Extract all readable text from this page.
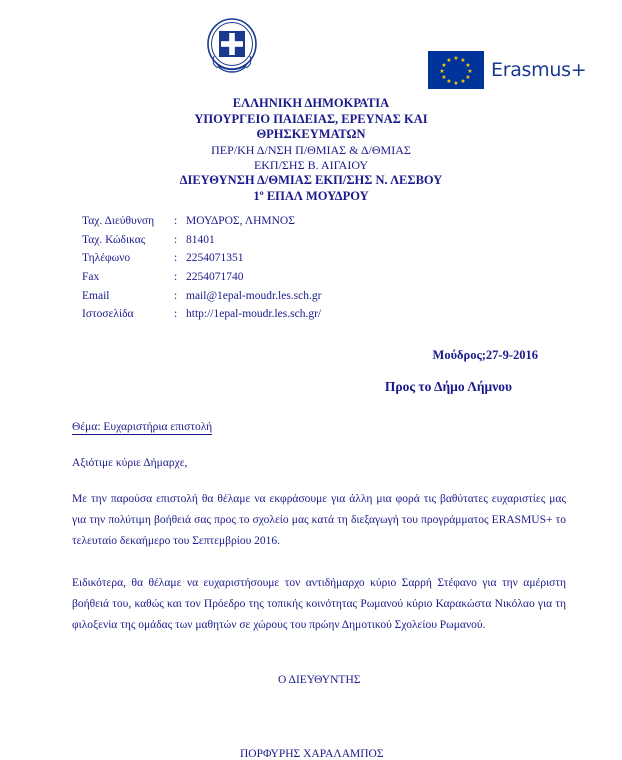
★ ★
★
★
★
★
★
★
★
★
★
★ Erasmus+
ΕΛΛΗΝΙΚΗ ΔΗΜΟΚΡΑΤΙΑ
ΥΠΟΥΡΓΕΙΟ ΠΑΙΔΕΙΑΣ, ΕΡΕΥΝΑΣ ΚΑΙ
ΘΡΗΣΚΕΥΜΑΤΩΝ
ΠΕΡ/ΚΗ Δ/ΝΣΗ Π/ΘΜΙΑΣ & Δ/ΘΜΙΑΣ
ΕΚΠ/ΣΗΣ Β. ΑΙΓΑΙΟΥ
ΔΙΕΥΘΥΝΣΗ Δ/ΘΜΙΑΣ ΕΚΠ/ΣΗΣ Ν. ΛΕΣΒΟΥ
1º ΕΠΑΛ ΜΟΥΔΡΟΥ
Ταχ. Διεύθυνση	:	ΜΟΥΔΡΟΣ, ΛΗΜΝΟΣ
Ταχ. Κώδικας	:	81401
Τηλέφωνο	:	2254071351
Fax	:	2254071740
Email	:	mail@1epal-moudr.les.sch.gr
Ιστοσελίδα	:	http://1epal-moudr.les.sch.gr/
Μούδρος;27-9-2016
Προς το Δήμο Λήμνου
Θέμα: Ευχαριστήρια επιστολή
Αξιότιμε κύριε Δήμαρχε,
Με την παρούσα επιστολή θα θέλαμε να εκφράσουμε για άλλη μια φορά τις βαθύτατες ευχαριστίες μας για την πολύτιμη βοήθειά σας προς το σχολείο μας κατά τη διεξαγωγή του προγράμματος ERASMUS+ το τελευταίο δεκαήμερο του Σεπτεμβρίου 2016.
Ειδικότερα, θα θέλαμε να ευχαριστήσουμε τον αντιδήμαρχο κύριο Σαρρή Στέφανο για την αμέριστη βοήθειά του, καθώς και τον Πρόεδρο της τοπικής κοινότητας Ρωμανού κύριο Καρακώστα Νικόλαο για τη φιλοξενία της ομάδας των μαθητών σε χώρους του πρώην Δημοτικού Σχολείου Ρωμανού.
Ο ΔΙΕΥΘΥΝΤΗΣ
ΠΟΡΦΥΡΗΣ ΧΑΡΑΛΑΜΠΟΣ
